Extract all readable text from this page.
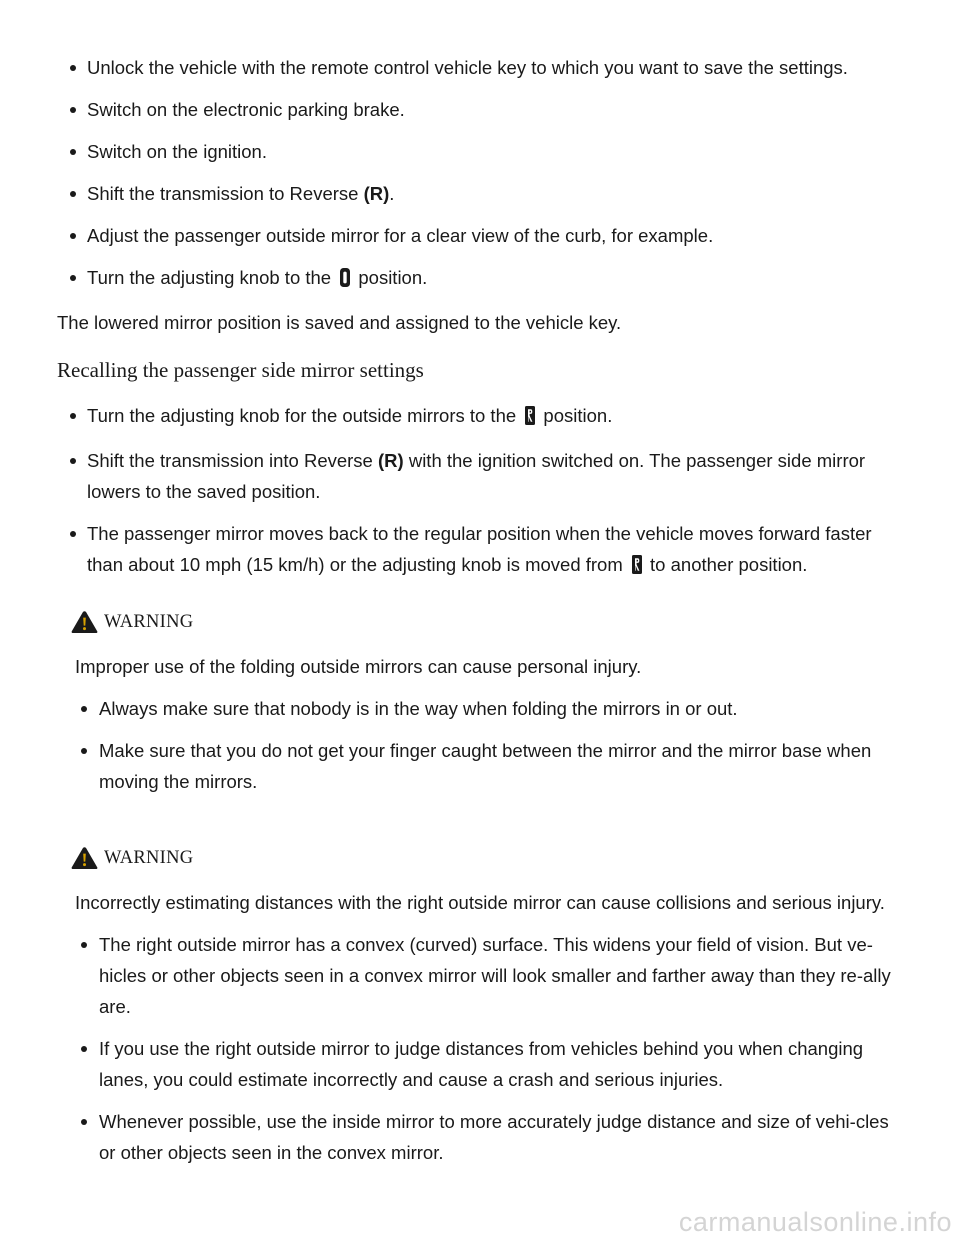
Unlock the vehicle with the remote control vehicle key to which you want to save the settings.
Switch on the electronic parking brake.
Switch on the ignition.
Shift the transmission to Reverse (R).
Adjust the passenger outside mirror for a clear view of the curb, for example.
Turn the adjusting knob to the  position.

The lowered mirror position is saved and assigned to the vehicle key.

Recalling the passenger side mirror settings
Turn the adjusting knob for the outside mirrors to the  position.
Shift the transmission into Reverse (R) with the ignition switched on. The passenger side mirror lowers to the saved position.
The passenger mirror moves back to the regular position when the vehicle moves forward faster than about 10 mph (15 km/h) or the adjusting knob is moved from  to another position.
WARNING

Improper use of the folding outside mirrors can cause personal injury.

Always make sure that nobody is in the way when folding the mirrors in or out.
Make sure that you do not get your finger caught between the mirror and the mirror base when moving the mirrors.
WARNING

Incorrectly estimating distances with the right outside mirror can cause collisions and serious injury.

The right outside mirror has a convex (curved) surface. This widens your field of vision. But ve-hicles or other objects seen in a convex mirror will look smaller and farther away than they re-ally are.
If you use the right outside mirror to judge distances from vehicles behind you when changing lanes, you could estimate incorrectly and cause a crash and serious injuries.
Whenever possible, use the inside mirror to more accurately judge distance and size of vehi-cles or other objects seen in the convex mirror.
carmanualsonline.info
